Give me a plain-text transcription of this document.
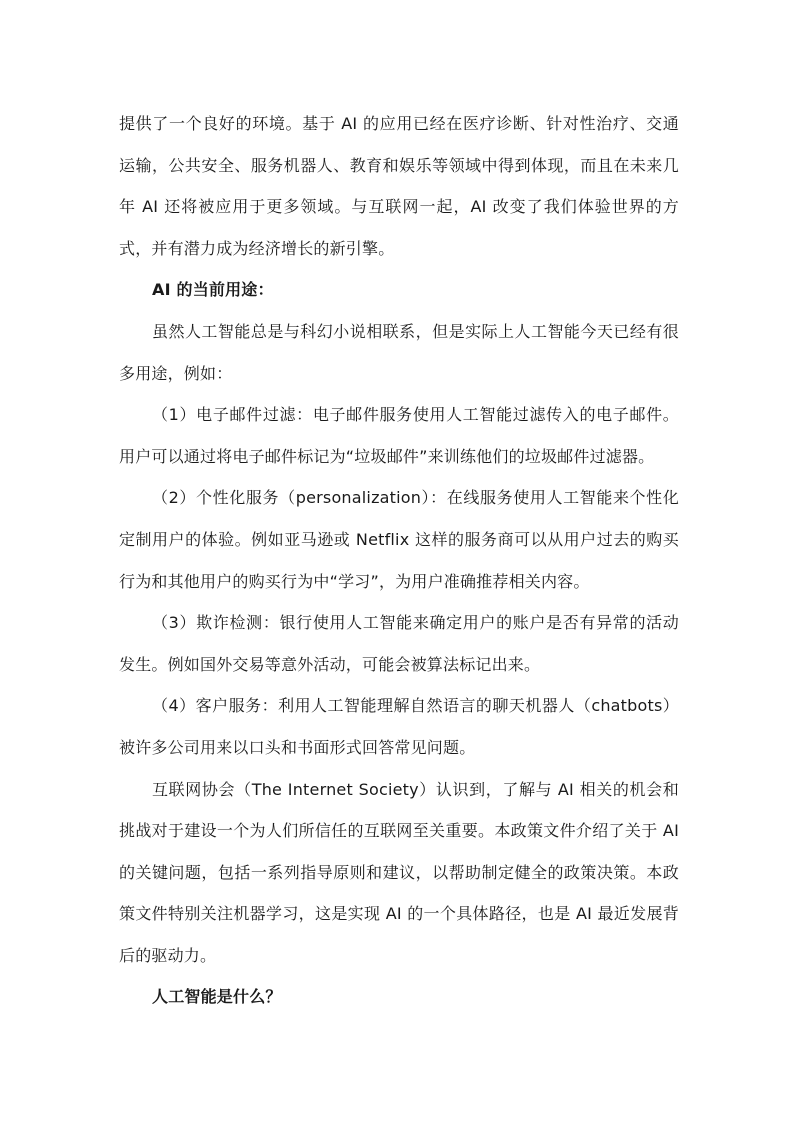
提供了一个良好的环境。基于 AI 的应用已经在医疗诊断、针对性治疗、交通运输，公共安全、服务机器人、教育和娱乐等领域中得到体现，而且在未来几年 AI 还将被应用于更多领域。与互联网一起，AI 改变了我们体验世界的方式，并有潜力成为经济增长的新引擎。

AI 的当前用途：

虽然人工智能总是与科幻小说相联系，但是实际上人工智能今天已经有很多用途，例如：

（1）电子邮件过滤：电子邮件服务使用人工智能过滤传入的电子邮件。用户可以通过将电子邮件标记为“垃圾邮件”来训练他们的垃圾邮件过滤器。

（2）个性化服务（personalization）：在线服务使用人工智能来个性化定制用户的体验。例如亚马逊或 Netflix 这样的服务商可以从用户过去的购买行为和其他用户的购买行为中“学习”，为用户准确推荐相关内容。

（3）欺诈检测：银行使用人工智能来确定用户的账户是否有异常的活动发生。例如国外交易等意外活动，可能会被算法标记出来。

（4）客户服务：利用人工智能理解自然语言的聊天机器人（chatbots）被许多公司用来以口头和书面形式回答常见问题。

互联网协会（The Internet Society）认识到，了解与 AI 相关的机会和挑战对于建设一个为人们所信任的互联网至关重要。本政策文件介绍了关于 AI 的关键问题，包括一系列指导原则和建议，以帮助制定健全的政策决策。本政策文件特别关注机器学习，这是实现 AI 的一个具体路径，也是 AI 最近发展背后的驱动力。

人工智能是什么？
